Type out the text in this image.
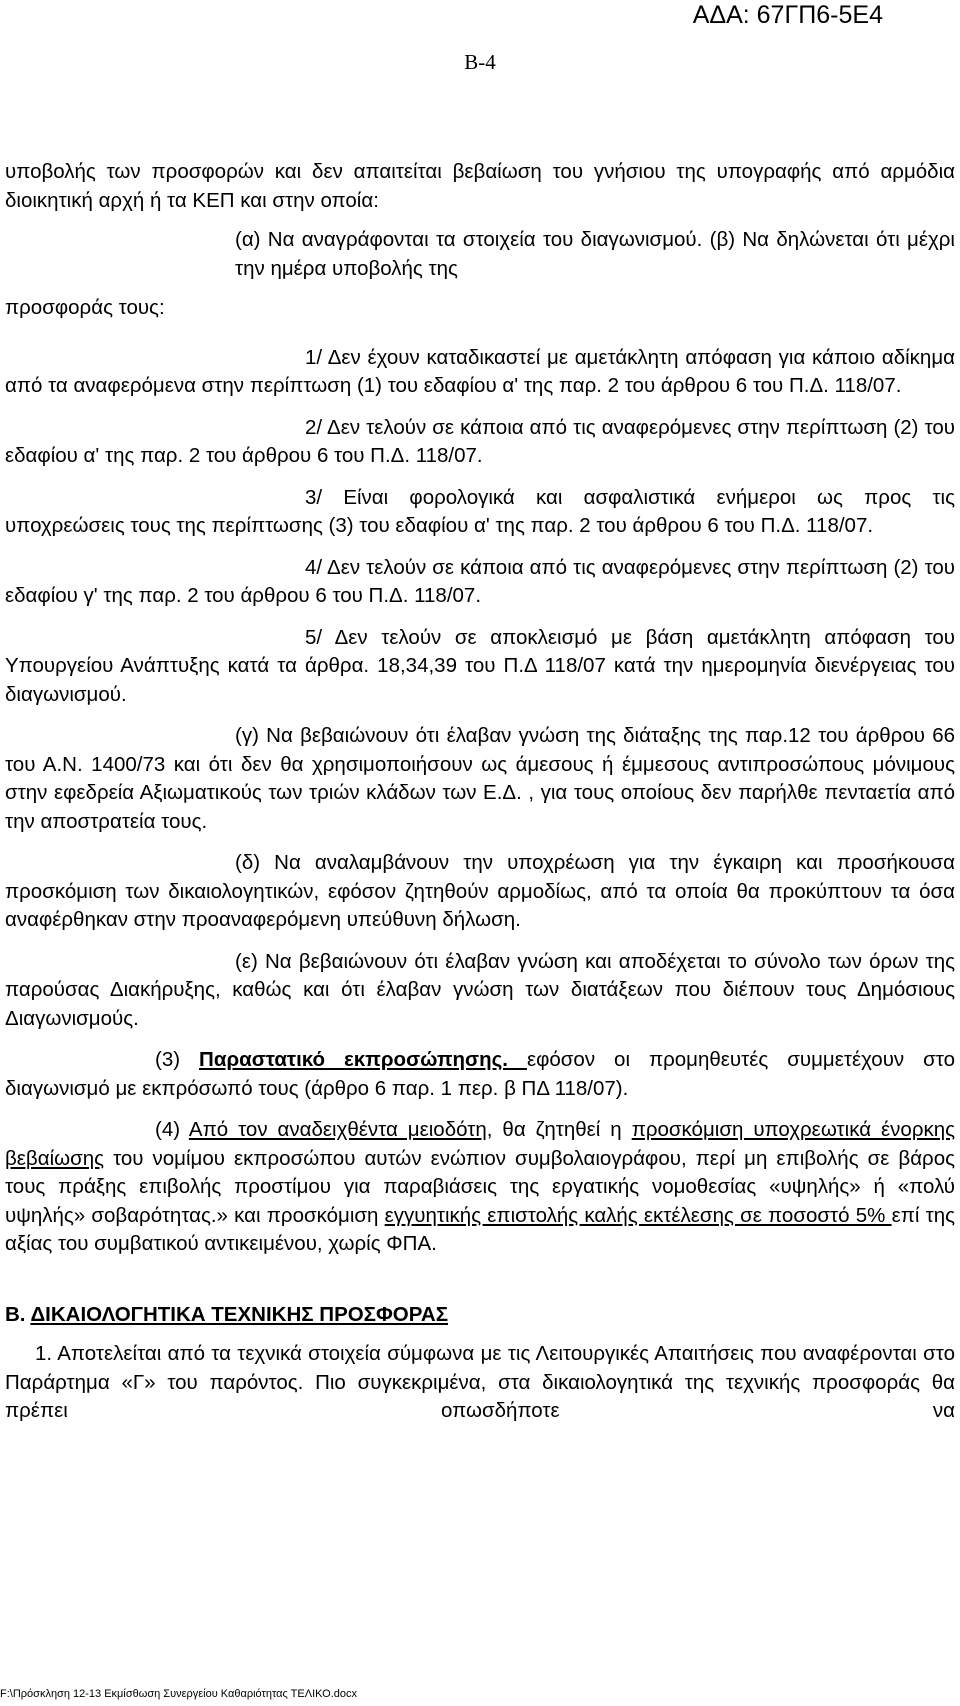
ΑΔΑ: 67ΓΠ6-5Ε4
Β-4

υποβολής των προσφορών και δεν απαιτείται βεβαίωση του γνήσιου της υπογραφής από αρμόδια διοικητική αρχή ή τα ΚΕΠ και στην οποία:

(α) Να αναγράφονται τα στοιχεία του διαγωνισμού. (β) Να δηλώνεται ότι μέχρι την ημέρα υποβολής της

προσφοράς τους:

1/ Δεν έχουν καταδικαστεί με αμετάκλητη απόφαση για κάποιο αδίκημα από τα αναφερόμενα στην περίπτωση (1) του εδαφίου α' της παρ. 2 του άρθρου 6 του Π.Δ. 118/07.

2/ Δεν τελούν σε κάποια από τις αναφερόμενες στην περίπτωση (2) του εδαφίου α' της παρ. 2 του άρθρου 6 του Π.Δ. 118/07.

3/ Είναι φορολογικά και ασφαλιστικά ενήμεροι ως προς τις υποχρεώσεις τους της περίπτωσης (3) του εδαφίου α' της παρ. 2 του άρθρου 6 του Π.Δ. 118/07.

4/ Δεν τελούν σε κάποια από τις αναφερόμενες στην περίπτωση (2) του εδαφίου γ' της παρ. 2 του άρθρου 6 του Π.Δ. 118/07.

5/ Δεν τελούν σε αποκλεισμό με βάση αμετάκλητη απόφαση του Υπουργείου Ανάπτυξης κατά τα άρθρα. 18,34,39 του Π.Δ 118/07 κατά την ημερομηνία διενέργειας του διαγωνισμού.

(γ) Να βεβαιώνουν ότι έλαβαν γνώση της διάταξης της παρ.12 του άρθρου 66 του Α.Ν. 1400/73 και ότι δεν θα χρησιμοποιήσουν ως άμεσους ή έμμεσους αντιπροσώπους μόνιμους στην εφεδρεία Αξιωματικούς των τριών κλάδων των Ε.Δ. , για τους οποίους δεν παρήλθε πενταετία από την αποστρατεία τους.

(δ) Να αναλαμβάνουν την υποχρέωση για την έγκαιρη και προσήκουσα προσκόμιση των δικαιολογητικών, εφόσον ζητηθούν αρμοδίως, από τα οποία θα προκύπτουν τα όσα αναφέρθηκαν στην προαναφερόμενη υπεύθυνη δήλωση.

(ε) Να βεβαιώνουν ότι έλαβαν γνώση και αποδέχεται το σύνολο των όρων της παρούσας Διακήρυξης, καθώς και ότι έλαβαν γνώση των διατάξεων που διέπουν τους Δημόσιους Διαγωνισμούς.

(3) Παραστατικό εκπροσώπησης. εφόσον οι προμηθευτές συμμετέχουν στο διαγωνισμό με εκπρόσωπό τους (άρθρο 6 παρ. 1 περ. β ΠΔ 118/07).

(4) Από τον αναδειχθέντα μειοδότη, θα ζητηθεί η προσκόμιση υποχρεωτικά ένορκης βεβαίωσης του νομίμου εκπροσώπου αυτών ενώπιον συμβολαιογράφου, περί μη επιβολής σε βάρος τους πράξης επιβολής προστίμου για παραβιάσεις της εργατικής νομοθεσίας «υψηλής» ή «πολύ υψηλής» σοβαρότητας.» και προσκόμιση εγγυητικής επιστολής καλής εκτέλεσης σε ποσοστό 5% επί της αξίας του συμβατικού αντικειμένου, χωρίς ΦΠΑ.

Β. ΔΙΚΑΙΟΛΟΓΗΤΙΚΑ ΤΕΧΝΙΚΗΣ ΠΡΟΣΦΟΡΑΣ

1. Αποτελείται από τα τεχνικά στοιχεία σύμφωνα με τις Λειτουργικές Απαιτήσεις που αναφέρονται στο Παράρτημα «Γ» του παρόντος. Πιο συγκεκριμένα, στα δικαιολογητικά της τεχνικής προσφοράς θα πρέπει οπωσδήποτε να

F:\Πρόσκληση 12-13 Εκμίσθωση Συνεργείου Καθαριότητας ΤΕΛΙΚΟ.docx
